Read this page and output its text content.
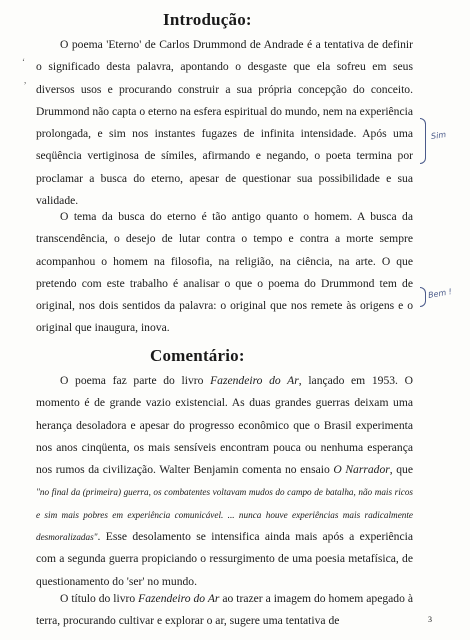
Introdução:
O poema 'Eterno' de Carlos Drummond de Andrade é a tentativa de definir o significado desta palavra, apontando o desgaste que ela sofreu em seus diversos usos e procurando construir a sua própria concepção do conceito. Drummond não capta o eterno na esfera espiritual do mundo, nem na experiência prolongada, e sim nos instantes fugazes de infinita intensidade. Após uma seqüência vertiginosa de símiles, afirmando e negando, o poeta termina por proclamar a busca do eterno, apesar de questionar sua possibilidade e sua validade.
O tema da busca do eterno é tão antigo quanto o homem. A busca da transcendência, o desejo de lutar contra o tempo e contra a morte sempre acompanhou o homem na filosofia, na religião, na ciência, na arte. O que pretendo com este trabalho é analisar o que o poema do Drummond tem de original, nos dois sentidos da palavra: o original que nos remete às origens e o original que inaugura, inova.
Sim
Bem !
Comentário:
O poema faz parte do livro Fazendeiro do Ar, lançado em 1953. O momento é de grande vazio existencial. As duas grandes guerras deixam uma herança desoladora e apesar do progresso econômico que o Brasil experimenta nos anos cinqüenta, os mais sensíveis encontram pouca ou nenhuma esperança nos rumos da civilização. Walter Benjamin comenta no ensaio O Narrador, que "no final da (primeira) guerra, os combatentes voltavam mudos do campo de batalha, não mais ricos e sim mais pobres em experiência comunicável. ... nunca houve experiências mais radicalmente desmoralizadas". Esse desolamento se intensifica ainda mais após a experiência com a segunda guerra propiciando o ressurgimento de uma poesia metafísica, de questionamento do 'ser' no mundo.
O título do livro Fazendeiro do Ar ao trazer a imagem do homem apegado à terra, procurando cultivar e explorar o ar, sugere uma tentativa de
ʻ
,
3
